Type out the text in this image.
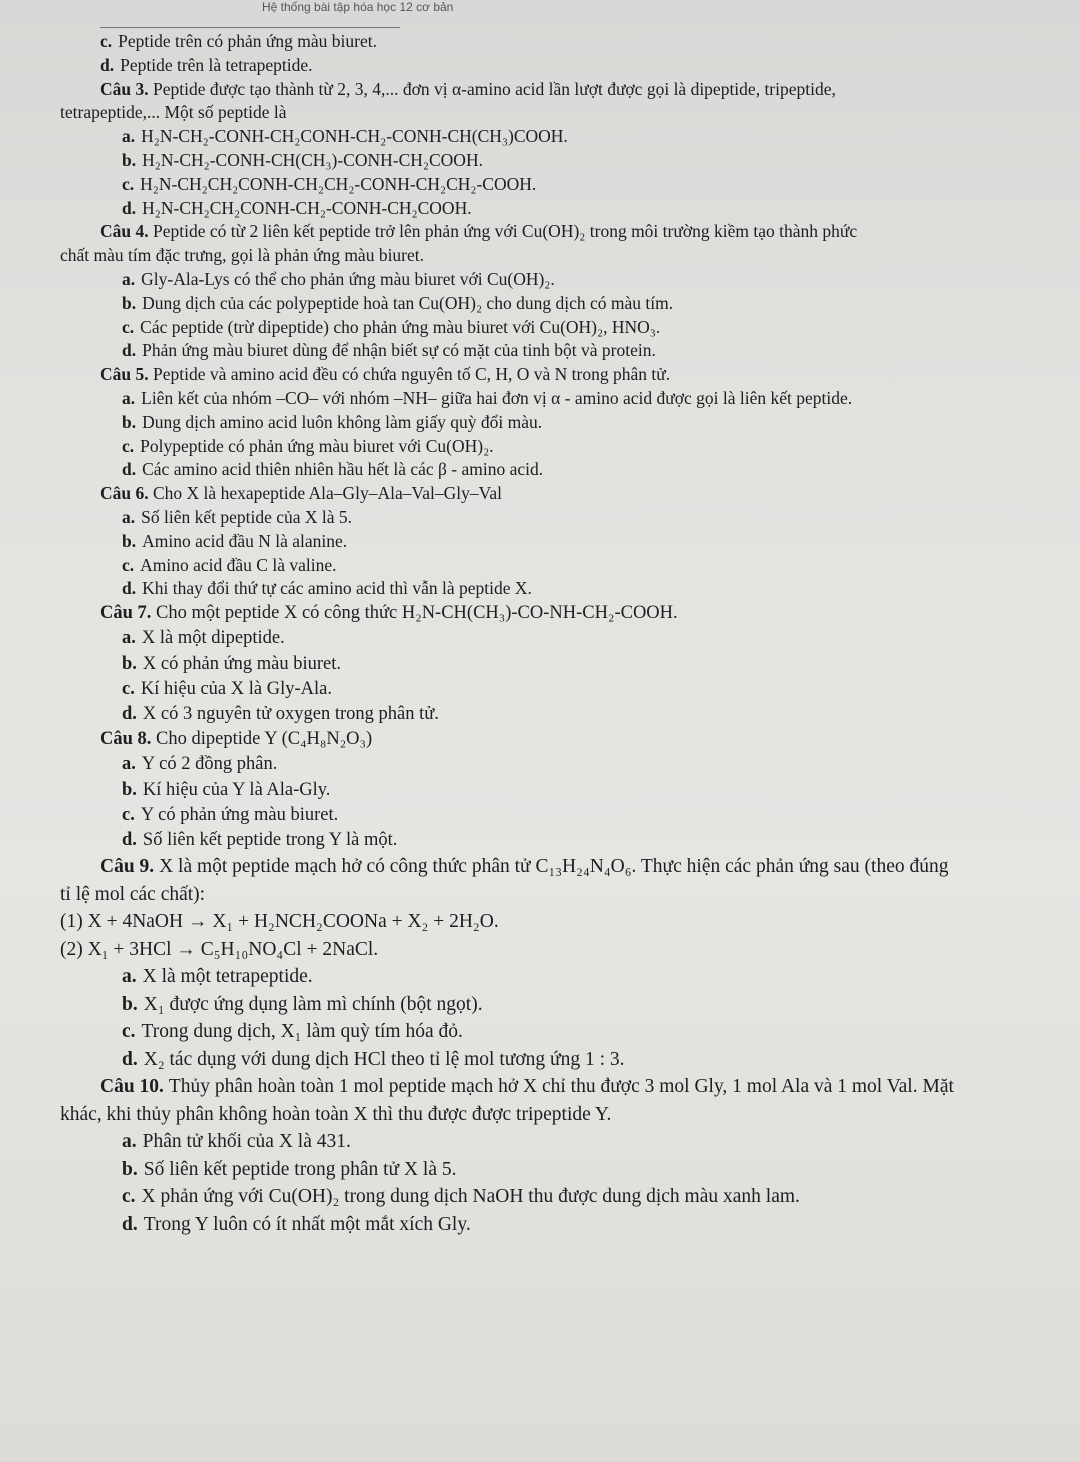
Hệ thống bài tập hóa học 12 cơ bản
c. Peptide trên có phản ứng màu biuret.
d. Peptide trên là tetrapeptide.
Câu 3. Peptide được tạo thành từ 2, 3, 4,... đơn vị α-amino acid lần lượt được gọi là dipeptide, tripeptide,
tetrapeptide,... Một số peptide là
a. H₂N-CH₂-CONH-CH₂CONH-CH₂-CONH-CH(CH₃)COOH.
b. H₂N-CH₂-CONH-CH(CH₃)-CONH-CH₂COOH.
c. H₂N-CH₂CH₂CONH-CH₂CH₂-CONH-CH₂CH₂-COOH.
d. H₂N-CH₂CH₂CONH-CH₂-CONH-CH₂COOH.
Câu 4. Peptide có từ 2 liên kết peptide trở lên phản ứng với Cu(OH)₂ trong môi trường kiềm tạo thành phức
chất màu tím đặc trưng, gọi là phản ứng màu biuret.
a. Gly-Ala-Lys có thể cho phản ứng màu biuret với Cu(OH)₂.
b. Dung dịch của các polypeptide hoà tan Cu(OH)₂ cho dung dịch có màu tím.
c. Các peptide (trừ dipeptide) cho phản ứng màu biuret với Cu(OH)₂, HNO₃.
d. Phản ứng màu biuret dùng để nhận biết sự có mặt của tinh bột và protein.
Câu 5. Peptide và amino acid đều có chứa nguyên tố C, H, O và N trong phân tử.
a. Liên kết của nhóm –CO– với nhóm –NH– giữa hai đơn vị α - amino acid được gọi là liên kết peptide.
b. Dung dịch amino acid luôn không làm giấy quỳ đổi màu.
c. Polypeptide có phản ứng màu biuret với Cu(OH)₂.
d. Các amino acid thiên nhiên hầu hết là các β - amino acid.
Câu 6. Cho X là hexapeptide Ala–Gly–Ala–Val–Gly–Val
a. Số liên kết peptide của X là 5.
b. Amino acid đầu N là alanine.
c. Amino acid đầu C là valine.
d. Khi thay đổi thứ tự các amino acid thì vẫn là peptide X.
Câu 7. Cho một peptide X có công thức H₂N-CH(CH₃)-CO-NH-CH₂-COOH.
a. X là một dipeptide.
b. X có phản ứng màu biuret.
c. Kí hiệu của X là Gly-Ala.
d. X có 3 nguyên tử oxygen trong phân tử.
Câu 8. Cho dipeptide Y (C₄H₈N₂O₃)
a. Y có 2 đồng phân.
b. Kí hiệu của Y là Ala-Gly.
c. Y có phản ứng màu biuret.
d. Số liên kết peptide trong Y là một.
Câu 9. X là một peptide mạch hở có công thức phân tử C₁₃H₂₄N₄O₆. Thực hiện các phản ứng sau (theo đúng
tỉ lệ mol các chất):
(1) X + 4NaOH → X₁ + H₂NCH₂COONa + X₂ + 2H₂O.
(2) X₁ + 3HCl → C₅H₁₀NO₄Cl + 2NaCl.
a. X là một tetrapeptide.
b. X₁ được ứng dụng làm mì chính (bột ngọt).
c. Trong dung dịch, X₁ làm quỳ tím hóa đỏ.
d. X₂ tác dụng với dung dịch HCl theo tỉ lệ mol tương ứng 1 : 3.
Câu 10. Thủy phân hoàn toàn 1 mol peptide mạch hở X chỉ thu được 3 mol Gly, 1 mol Ala và 1 mol Val. Mặt
khác, khi thủy phân không hoàn toàn X thì thu được được tripeptide Y.
a. Phân tử khối của X là 431.
b. Số liên kết peptide trong phân tử X là 5.
c. X phản ứng với Cu(OH)₂ trong dung dịch NaOH thu được dung dịch màu xanh lam.
d. Trong Y luôn có ít nhất một mắt xích Gly.
